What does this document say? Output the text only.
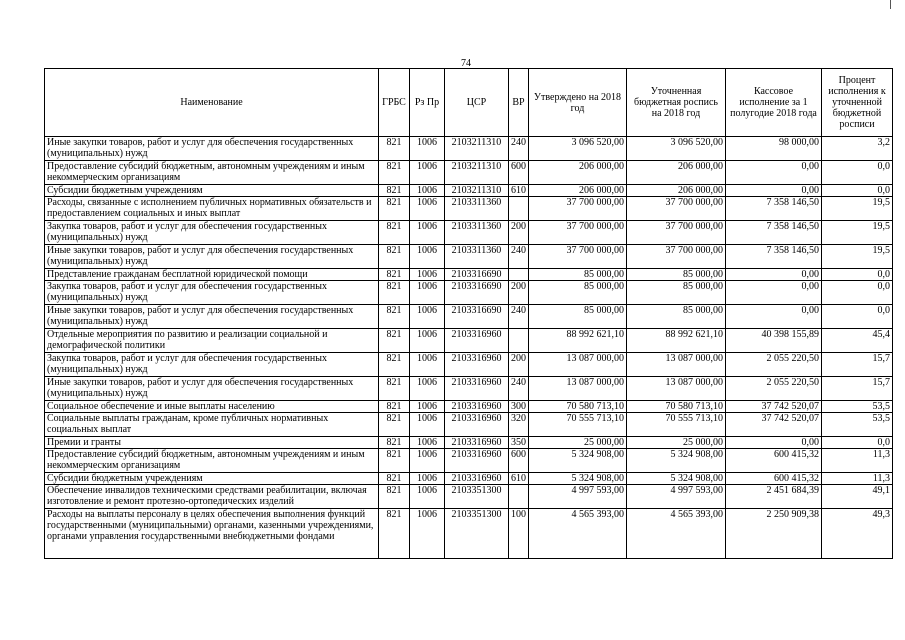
74
Наименование	ГРБС	Рз Пр	ЦСР	ВР	Утверждено на 2018 год	Уточненная бюджетная роспись на 2018 год	Кассовое исполнение за 1 полугодие 2018 года	Процент исполнения к уточненной бюджетной росписи
Иные закупки товаров, работ и услуг для обеспечения государственных (муниципальных) нужд	821	1006	2103211310	240	3 096 520,00	3 096 520,00	98 000,00	3,2
Предоставление субсидий бюджетным, автономным учреждениям и иным некоммерческим организациям	821	1006	2103211310	600	206 000,00	206 000,00	0,00	0,0
Субсидии бюджетным учреждениям	821	1006	2103211310	610	206 000,00	206 000,00	0,00	0,0
Расходы, связанные с исполнением публичных нормативных обязательств и предоставлением социальных и иных выплат	821	1006	2103311360		37 700 000,00	37 700 000,00	7 358 146,50	19,5
Закупка товаров, работ и услуг для обеспечения государственных (муниципальных) нужд	821	1006	2103311360	200	37 700 000,00	37 700 000,00	7 358 146,50	19,5
Иные закупки товаров, работ и услуг для обеспечения государственных (муниципальных) нужд	821	1006	2103311360	240	37 700 000,00	37 700 000,00	7 358 146,50	19,5
Представление гражданам бесплатной юридической помощи	821	1006	2103316690		85 000,00	85 000,00	0,00	0,0
Закупка товаров, работ и услуг для обеспечения государственных (муниципальных) нужд	821	1006	2103316690	200	85 000,00	85 000,00	0,00	0,0
Иные закупки товаров, работ и услуг для обеспечения государственных (муниципальных) нужд	821	1006	2103316690	240	85 000,00	85 000,00	0,00	0,0
Отдельные мероприятия по развитию и реализации социальной и демографической политики	821	1006	2103316960		88 992 621,10	88 992 621,10	40 398 155,89	45,4
Закупка товаров, работ и услуг для обеспечения государственных (муниципальных) нужд	821	1006	2103316960	200	13 087 000,00	13 087 000,00	2 055 220,50	15,7
Иные закупки товаров, работ и услуг для обеспечения государственных (муниципальных) нужд	821	1006	2103316960	240	13 087 000,00	13 087 000,00	2 055 220,50	15,7
Социальное обеспечение и иные выплаты населению	821	1006	2103316960	300	70 580 713,10	70 580 713,10	37 742 520,07	53,5
Социальные выплаты гражданам, кроме публичных нормативных социальных выплат	821	1006	2103316960	320	70 555 713,10	70 555 713,10	37 742 520,07	53,5
Премии и гранты	821	1006	2103316960	350	25 000,00	25 000,00	0,00	0,0
Предоставление субсидий бюджетным, автономным учреждениям и иным некоммерческим организациям	821	1006	2103316960	600	5 324 908,00	5 324 908,00	600 415,32	11,3
Субсидии бюджетным учреждениям	821	1006	2103316960	610	5 324 908,00	5 324 908,00	600 415,32	11,3
Обеспечение инвалидов техническими средствами реабилитации, включая изготовление и ремонт протезно-ортопедических изделий	821	1006	2103351300		4 997 593,00	4 997 593,00	2 451 684,39	49,1
Расходы на выплаты персоналу в целях обеспечения выполнения функций государственными (муниципальными) органами, казенными учреждениями, органами управления государственными внебюджетными фондами	821	1006	2103351300	100	4 565 393,00	4 565 393,00	2 250 909,38	49,3
